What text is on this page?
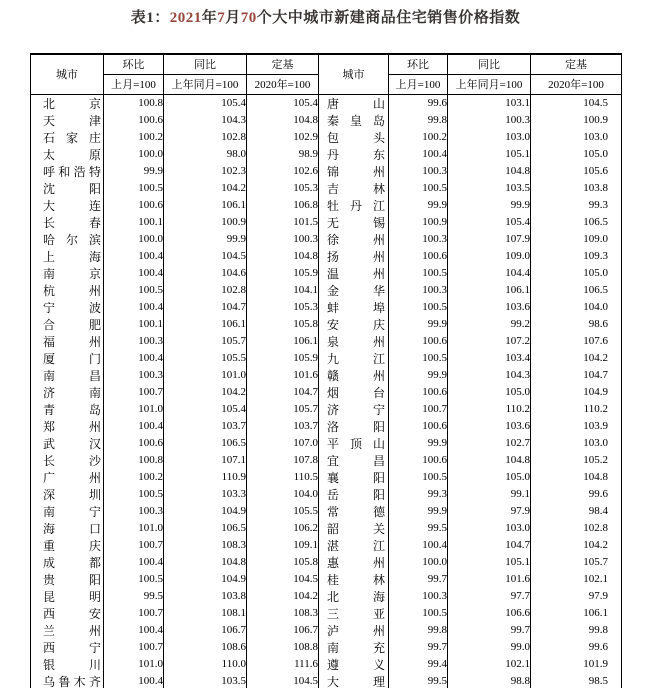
表1：2021年7月70个大中城市新建商品住宅销售价格指数
城市	环比	同比	定基	城市	环比	同比	定基
	上月=100	上年同月=100	2020年=100		上月=100	上年同月=100	2020年=100
北京	100.8	105.4	105.4	唐山	99.6	103.1	104.5
天津	100.6	104.3	104.8	秦皇岛	99.8	100.3	100.9
石家庄	100.2	102.8	102.9	包头	100.2	103.0	103.0
太原	100.0	98.0	98.9	丹东	100.4	105.1	105.0
呼和浩特	99.9	102.3	102.6	锦州	100.3	104.8	105.6
沈阳	100.5	104.2	105.3	吉林	100.5	103.5	103.8
大连	100.6	106.1	106.8	牡丹江	99.9	99.9	99.3
长春	100.1	100.9	101.5	无锡	100.9	105.4	106.5
哈尔滨	100.0	99.9	100.3	徐州	100.3	107.9	109.0
上海	100.4	104.5	104.8	扬州	100.6	109.0	109.3
南京	100.4	104.6	105.9	温州	100.5	104.4	105.0
杭州	100.5	102.8	104.1	金华	100.3	106.1	106.5
宁波	100.4	104.7	105.3	蚌埠	100.5	103.6	104.0
合肥	100.1	106.1	105.8	安庆	99.9	99.2	98.6
福州	100.3	105.7	106.1	泉州	100.6	107.2	107.6
厦门	100.4	105.5	105.9	九江	100.5	103.4	104.2
南昌	100.3	101.0	101.6	赣州	99.9	104.3	104.7
济南	100.7	104.2	104.7	烟台	100.6	105.0	104.9
青岛	101.0	105.4	105.7	济宁	100.7	110.2	110.2
郑州	100.4	103.7	103.7	洛阳	100.6	103.6	103.9
武汉	100.6	106.5	107.0	平顶山	99.9	102.7	103.0
长沙	100.8	107.1	107.8	宜昌	100.6	104.8	105.2
广州	100.2	110.9	110.5	襄阳	100.5	105.0	104.8
深圳	100.5	103.3	104.0	岳阳	99.3	99.1	99.6
南宁	100.3	104.9	105.5	常德	99.9	97.9	98.4
海口	101.0	106.5	106.2	韶关	99.5	103.0	102.8
重庆	100.7	108.3	109.1	湛江	100.4	104.7	104.2
成都	100.4	104.8	105.8	惠州	100.0	105.1	105.7
贵阳	100.5	104.9	104.5	桂林	99.7	101.6	102.1
昆明	99.5	103.8	104.2	北海	100.3	97.7	97.9
西安	100.7	108.1	108.3	三亚	100.5	106.6	106.1
兰州	100.4	106.7	106.7	泸州	99.8	99.7	99.8
西宁	100.7	108.6	108.8	南充	99.7	99.0	99.6
银川	101.0	110.0	111.6	遵义	99.4	102.1	101.9
乌鲁木齐	100.4	103.5	104.5	大理	99.5	98.8	98.5
